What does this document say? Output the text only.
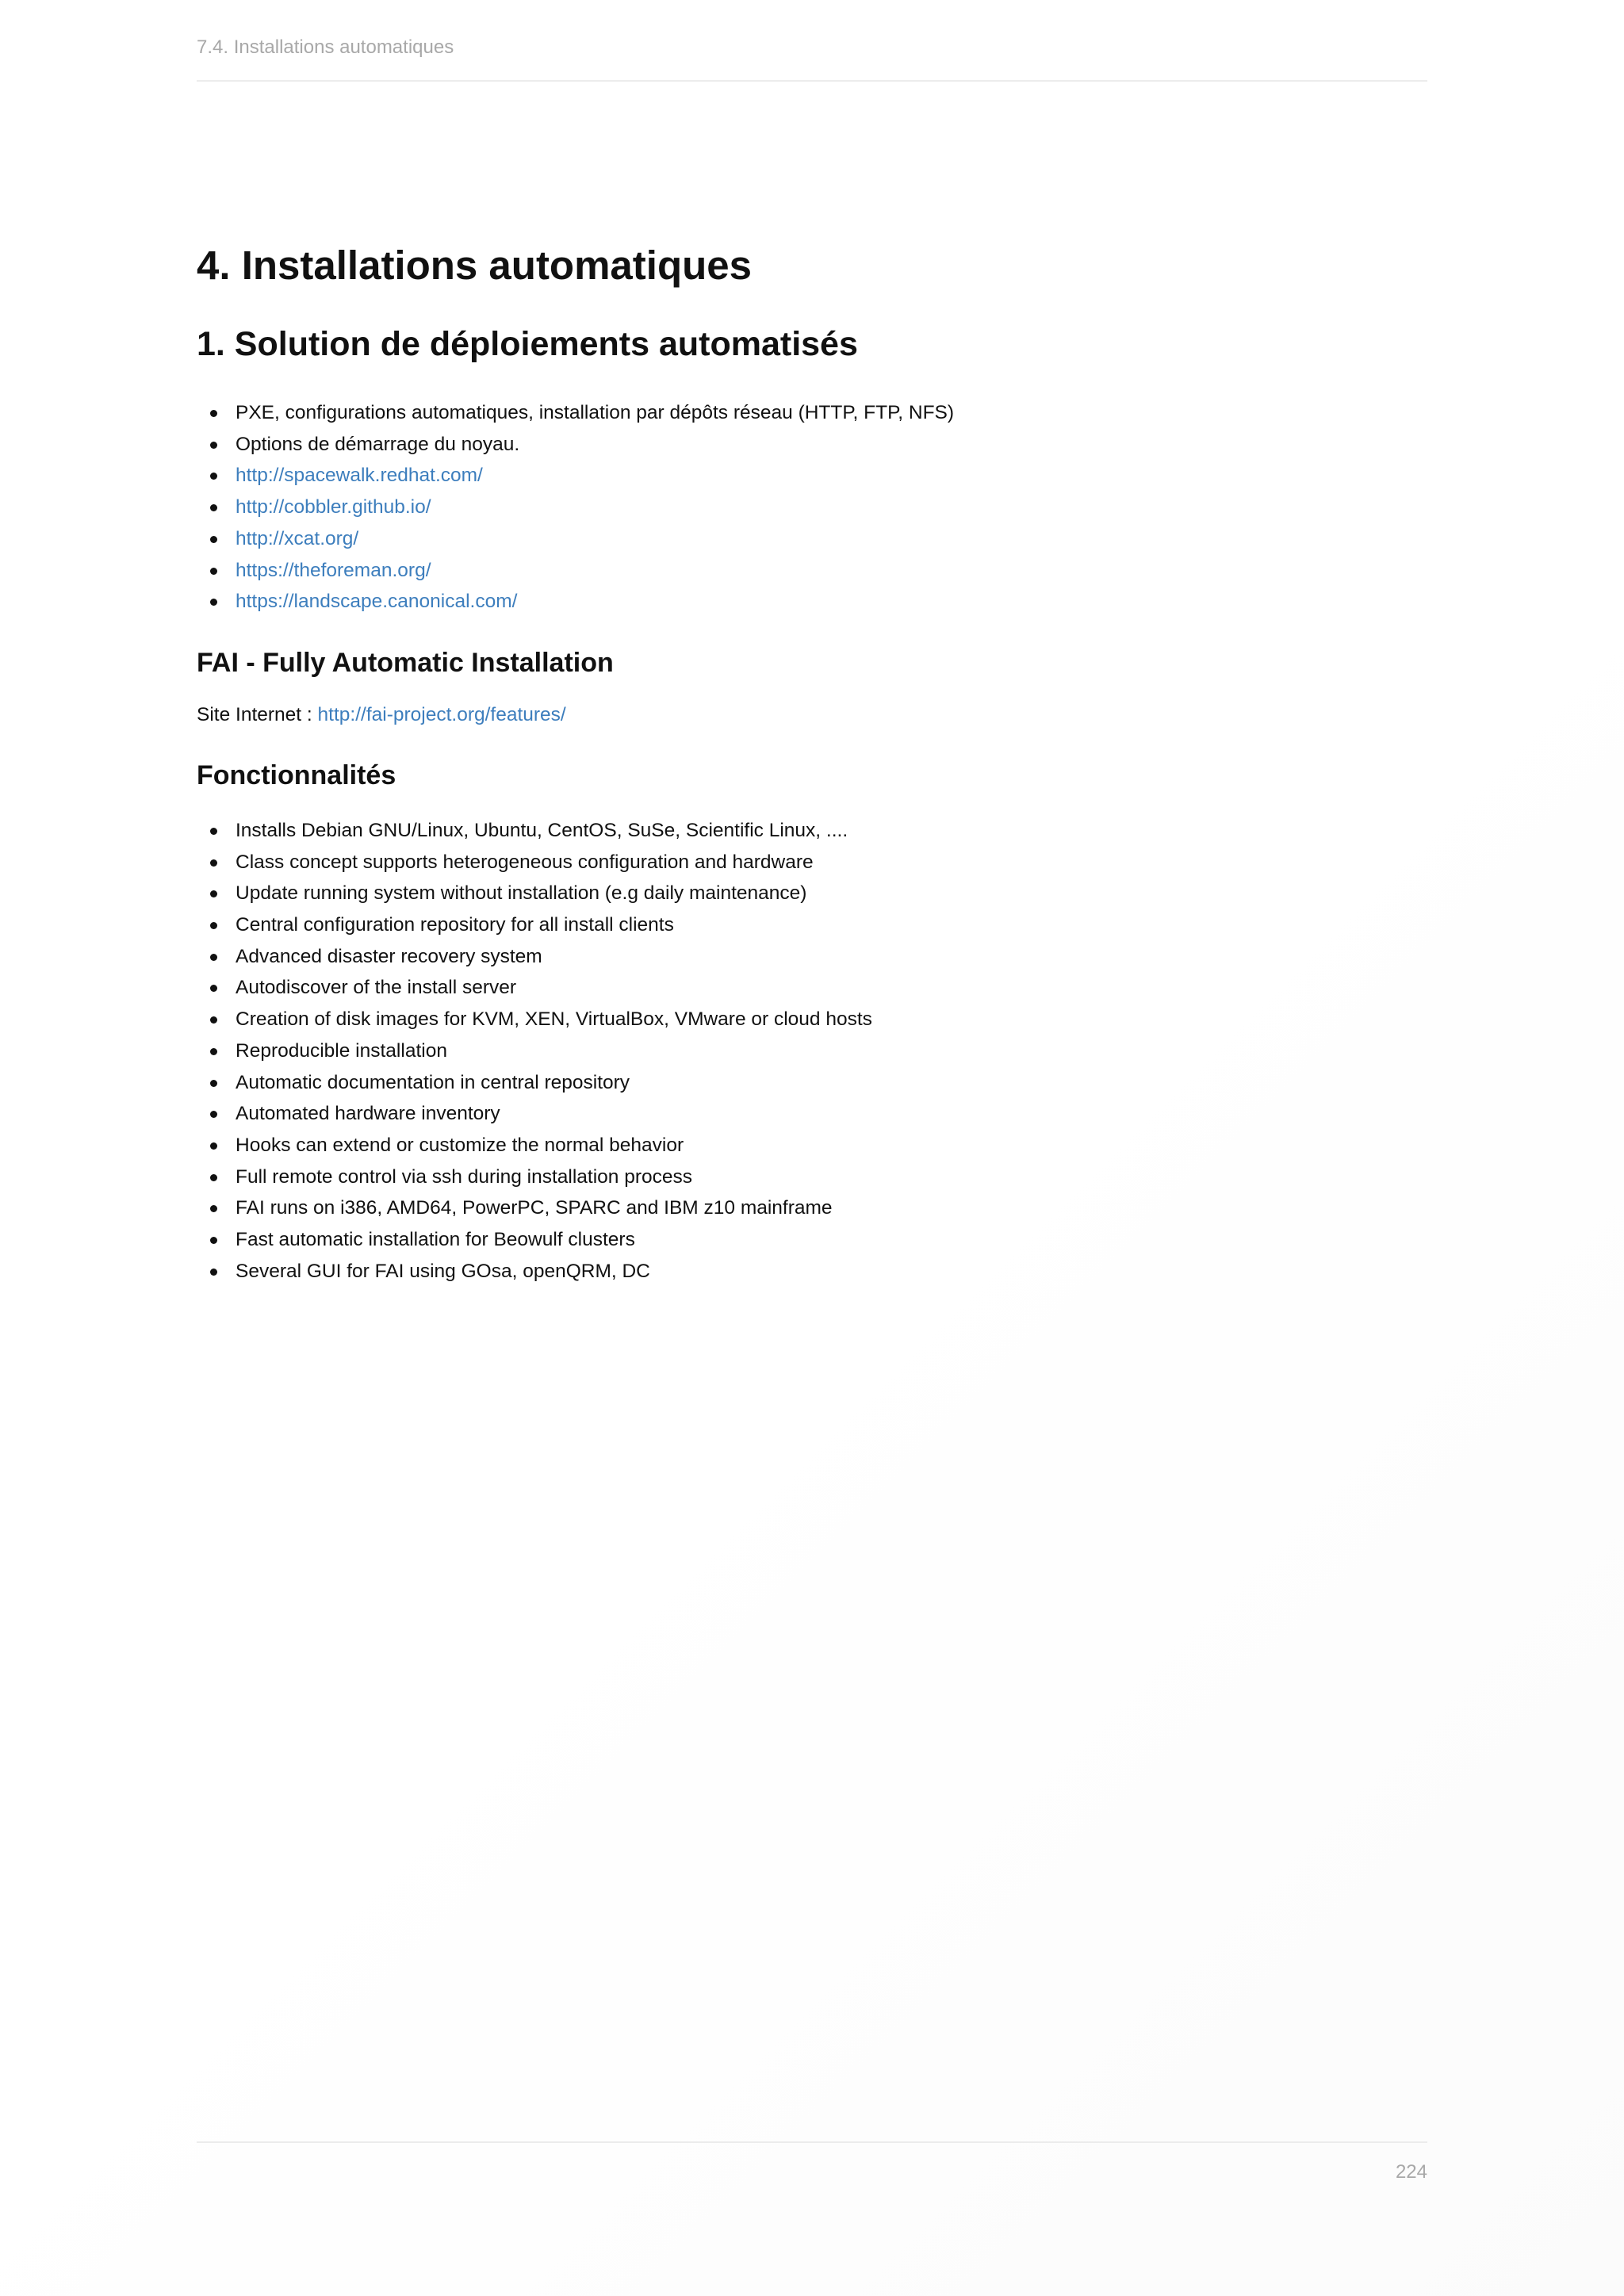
7.4. Installations automatiques
4. Installations automatiques
1. Solution de déploiements automatisés
PXE, configurations automatiques, installation par dépôts réseau (HTTP, FTP, NFS)
Options de démarrage du noyau.
http://spacewalk.redhat.com/
http://cobbler.github.io/
http://xcat.org/
https://theforeman.org/
https://landscape.canonical.com/
FAI - Fully Automatic Installation

Site Internet : http://fai-project.org/features/

Fonctionnalités
Installs Debian GNU/Linux, Ubuntu, CentOS, SuSe, Scientific Linux, ....
Class concept supports heterogeneous configuration and hardware
Update running system without installation (e.g daily maintenance)
Central configuration repository for all install clients
Advanced disaster recovery system
Autodiscover of the install server
Creation of disk images for KVM, XEN, VirtualBox, VMware or cloud hosts
Reproducible installation
Automatic documentation in central repository
Automated hardware inventory
Hooks can extend or customize the normal behavior
Full remote control via ssh during installation process
FAI runs on i386, AMD64, PowerPC, SPARC and IBM z10 mainframe
Fast automatic installation for Beowulf clusters
Several GUI for FAI using GOsa, openQRM, DC
224
